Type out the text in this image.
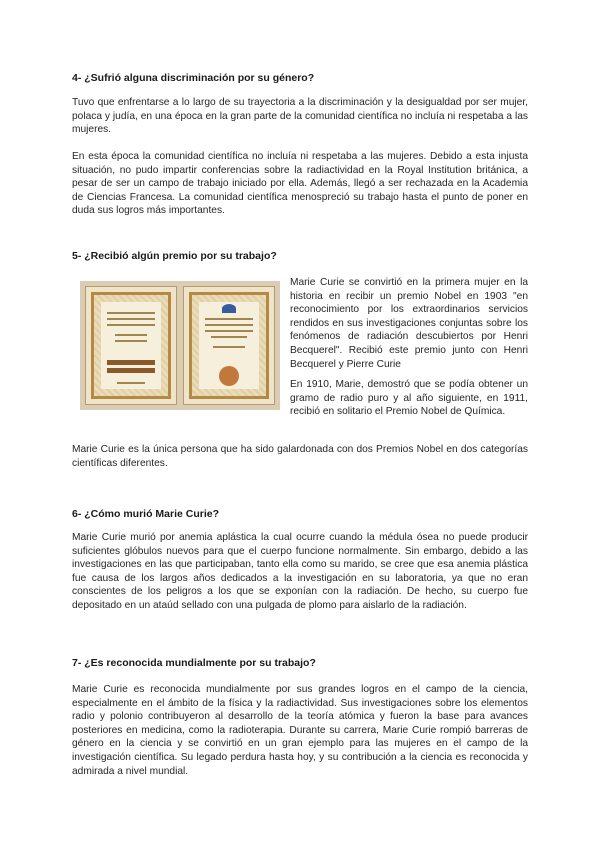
4- ¿Sufrió alguna discriminación por su género?

Tuvo que enfrentarse a lo largo de su trayectoria a la discriminación y la desigualdad por ser mujer, polaca y judía, en una época en la gran parte de la comunidad científica no incluía ni respetaba a las mujeres.

En esta época la comunidad científica no incluía ni respetaba a las mujeres. Debido a esta injusta situación, no pudo impartir conferencias sobre la radiactividad en la Royal Institution británica, a pesar de ser un campo de trabajo iniciado por ella. Además, llegó a ser rechazada en la Academia de Ciencias Francesa. La comunidad científica menospreció su trabajo hasta el punto de poner en duda sus logros más importantes.

5- ¿Recibió algún premio por su trabajo?

Marie Curie se convirtió en la primera mujer en la historia en recibir un premio Nobel en 1903 "en reconocimiento por los extraordinarios servicios rendidos en sus investigaciones conjuntas sobre los fenómenos de radiación descubiertos por Henri Becquerel". Recibió este premio junto con Henri Becquerel y Pierre Curie

En 1910, Marie, demostró que se podía obtener un gramo de radio puro y al año siguiente, en 1911, recibió en solitario el Premio Nobel de Química.

Marie Curie es la única persona que ha sido galardonada con dos Premios Nobel en dos categorías científicas diferentes.

6- ¿Cómo murió Marie Curie?

Marie Curie murió por anemia aplástica la cual ocurre cuando la médula ósea no puede producir suficientes glóbulos nuevos para que el cuerpo funcione normalmente. Sin embargo, debido a las investigaciones en las que participaban, tanto ella como su marido, se cree que esa anemia plástica fue causa de los largos años dedicados a la investigación en su laboratoria, ya que no eran conscientes de los peligros a los que se exponían con la radiación. De hecho, su cuerpo fue depositado en un ataúd sellado con una pulgada de plomo para aislarlo de la radiación.

7- ¿Es reconocida mundialmente por su trabajo?

Marie Curie es reconocida mundialmente por sus grandes logros en el campo de la ciencia, especialmente en el ámbito de la física y la radiactividad. Sus investigaciones sobre los elementos radio y polonio contribuyeron al desarrollo de la teoría atómica y fueron la base para avances posteriores en medicina, como la radioterapia. Durante su carrera, Marie Curie rompió barreras de género en la ciencia y se convirtió en un gran ejemplo para las mujeres en el campo de la investigación científica. Su legado perdura hasta hoy, y su contribución a la ciencia es reconocida y admirada a nivel mundial.
